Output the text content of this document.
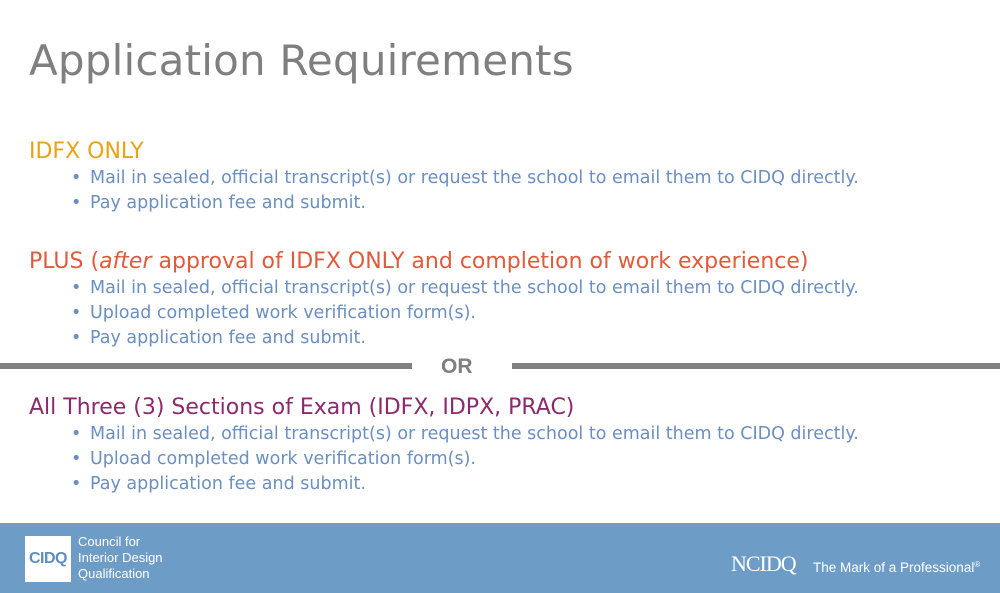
Application Requirements
IDFX ONLY
• Mail in sealed, official transcript(s) or request the school to email them to CIDQ directly.
• Pay application fee and submit.
PLUS (after approval of IDFX ONLY and completion of work experience)
• Mail in sealed, official transcript(s) or request the school to email them to CIDQ directly.
• Upload completed work verification form(s).
• Pay application fee and submit.
OR
All Three (3) Sections of Exam (IDFX, IDPX, PRAC)
• Mail in sealed, official transcript(s) or request the school to email them to CIDQ directly.
• Upload completed work verification form(s).
• Pay application fee and submit.
CIDQ
Council for
Interior Design
Qualification	NCIDQ The Mark of a Professional®
